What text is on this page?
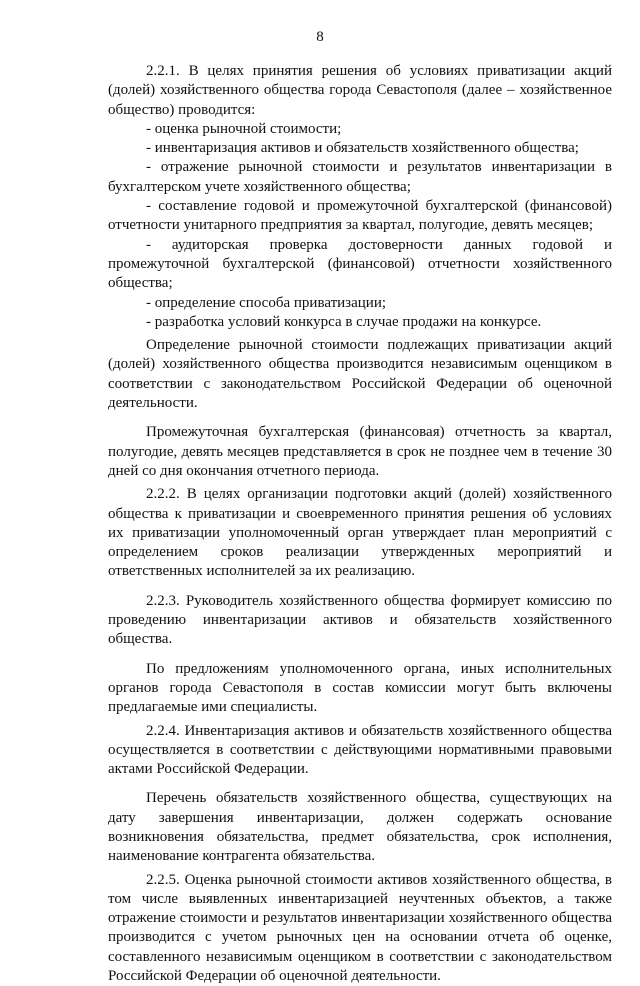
8

2.2.1. В целях принятия решения об условиях приватизации акций (долей) хозяйственного общества города Севастополя (далее – хозяйственное общество) проводится:

- оценка рыночной стоимости;

- инвентаризация активов и обязательств хозяйственного общества;

- отражение рыночной стоимости и результатов инвентаризации в бухгалтерском учете хозяйственного общества;

- составление годовой и промежуточной бухгалтерской (финансовой) отчетности унитарного предприятия за квартал, полугодие, девять месяцев;

- аудиторская проверка достоверности данных годовой и промежуточной бухгалтерской (финансовой) отчетности хозяйственного общества;

- определение способа приватизации;

- разработка условий конкурса в случае продажи на конкурсе.

Определение рыночной стоимости подлежащих приватизации акций (долей) хозяйственного общества производится независимым оценщиком в соответствии с законодательством Российской Федерации об оценочной деятельности.

Промежуточная бухгалтерская (финансовая) отчетность за квартал, полугодие, девять месяцев представляется в срок не позднее чем в течение 30 дней со дня окончания отчетного периода.

2.2.2. В целях организации подготовки акций (долей) хозяйственного общества к приватизации и своевременного принятия решения об условиях их приватизации уполномоченный орган утверждает план мероприятий с определением сроков реализации утвержденных мероприятий и ответственных исполнителей за их реализацию.

2.2.3. Руководитель хозяйственного общества формирует комиссию по проведению инвентаризации активов и обязательств хозяйственного общества.

По предложениям уполномоченного органа, иных исполнительных органов города Севастополя в состав комиссии могут быть включены предлагаемые ими специалисты.

2.2.4. Инвентаризация активов и обязательств хозяйственного общества осуществляется в соответствии с действующими нормативными правовыми актами Российской Федерации.

Перечень обязательств хозяйственного общества, существующих на дату завершения инвентаризации, должен содержать основание возникновения обязательства, предмет обязательства, срок исполнения, наименование контрагента обязательства.

2.2.5. Оценка рыночной стоимости активов хозяйственного общества, в том числе выявленных инвентаризацией неучтенных объектов, а также отражение стоимости и результатов инвентаризации хозяйственного общества производится с учетом рыночных цен на основании отчета об оценке, составленного независимым оценщиком в соответствии с законодательством Российской Федерации об оценочной деятельности.
